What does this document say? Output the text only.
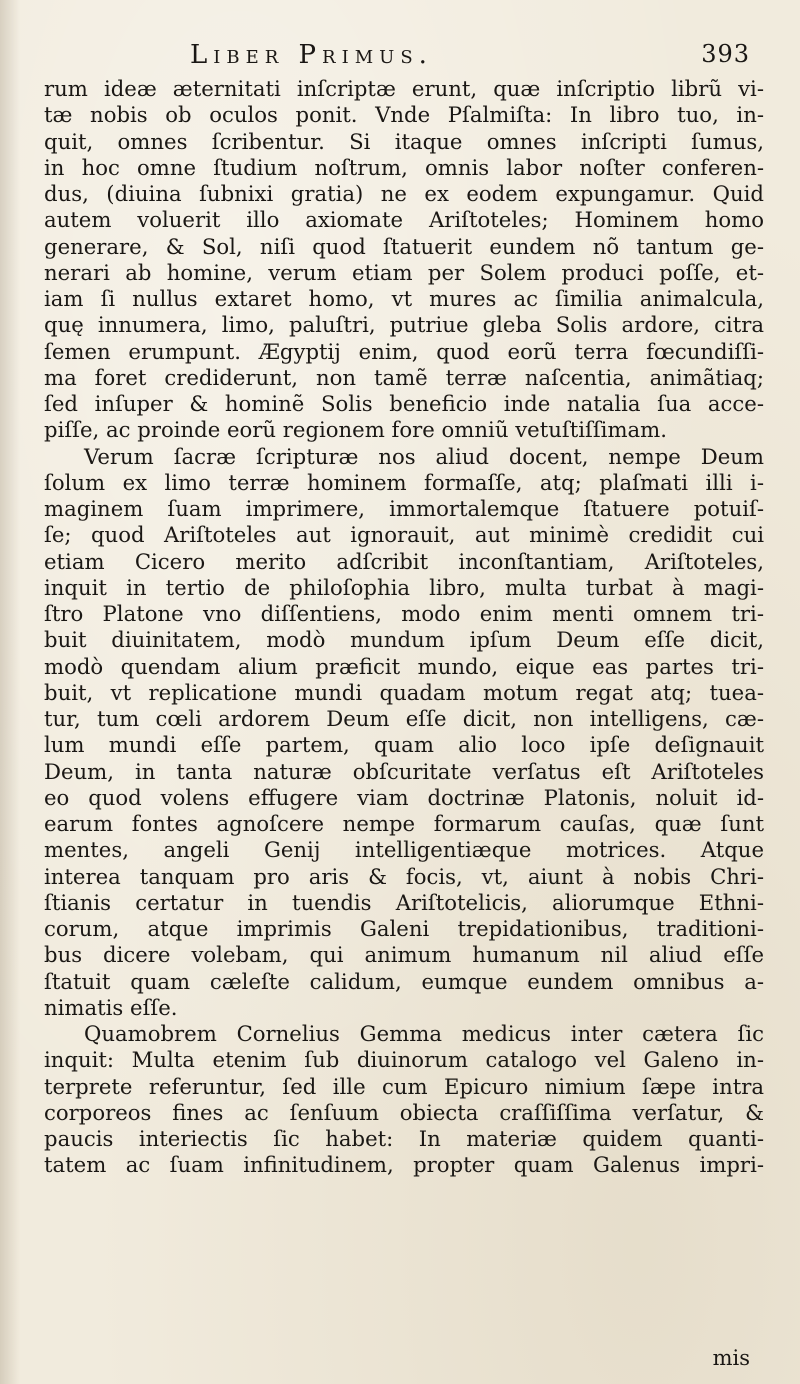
Liber Primus.	393
rum ideæ æternitati inſcriptæ erunt, quæ inſcriptio librũ vi-
tæ nobis ob oculos ponit. Vnde Pſalmiſta: In libro tuo, in-
quit, omnes ſcribentur. Si itaque omnes inſcripti ſumus,
in hoc omne ſtudium noſtrum, omnis labor noſter conferen-
dus, (diuina ſubnixi gratia) ne ex eodem expungamur. Quid
autem voluerit illo axiomate Ariſtoteles; Hominem homo
generare, & Sol, niſi quod ſtatuerit eundem nõ tantum ge-
nerari ab homine, verum etiam per Solem produci poſſe, et-
iam ſi nullus extaret homo, vt mures ac ſimilia animalcula,
quę innumera, limo, paluſtri, putriue gleba Solis ardore, citra
ſemen erumpunt. Ægyptij enim, quod eorũ terra fœcundiſſi-
ma foret crediderunt, non tamẽ terræ naſcentia, animãtiaq;
ſed inſuper & hominẽ Solis beneficio inde natalia ſua acce-
piſſe, ac proinde eorũ regionem fore omniũ vetuſtiſſimam.
Verum ſacræ ſcripturæ nos aliud docent, nempe Deum
ſolum ex limo terræ hominem formaſſe, atq; plaſmati illi i-
maginem ſuam imprimere, immortalemque ſtatuere potuiſ-
ſe; quod Ariſtoteles aut ignorauit, aut minimè credidit cui
etiam Cicero merito adſcribit inconſtantiam, Ariſtoteles,
inquit in tertio de philoſophia libro, multa turbat à magi-
ſtro Platone vno diſſentiens, modo enim menti omnem tri-
buit diuinitatem, modò mundum ipſum Deum eſſe dicit,
modò quendam alium præficit mundo, eique eas partes tri-
buit, vt replicatione mundi quadam motum regat atq; tuea-
tur, tum cœli ardorem Deum eſſe dicit, non intelligens, cæ-
lum mundi eſſe partem, quam alio loco ipſe deſignauit
Deum, in tanta naturæ obſcuritate verſatus eſt Ariſtoteles
eo quod volens effugere viam doctrinæ Platonis, noluit id-
earum fontes agnoſcere nempe formarum cauſas, quæ ſunt
mentes, angeli Genij intelligentiæque motrices. Atque
interea tanquam pro aris & focis, vt, aiunt à nobis Chri-
ſtianis certatur in tuendis Ariſtotelicis, aliorumque Ethni-
corum, atque imprimis Galeni trepidationibus, traditioni-
bus dicere volebam, qui animum humanum nil aliud eſſe
ſtatuit quam cæleſte calidum, eumque eundem omnibus a-
nimatis eſſe.
Quamobrem Cornelius Gemma medicus inter cætera ſic
inquit: Multa etenim ſub diuinorum catalogo vel Galeno in-
terprete referuntur, ſed ille cum Epicuro nimium ſæpe intra
corporeos fines ac ſenſuum obiecta craſſiſſima verſatur, &
paucis interiectis ſic habet: In materiæ quidem quanti-
tatem ac ſuam infinitudinem, propter quam Galenus impri-
mis
